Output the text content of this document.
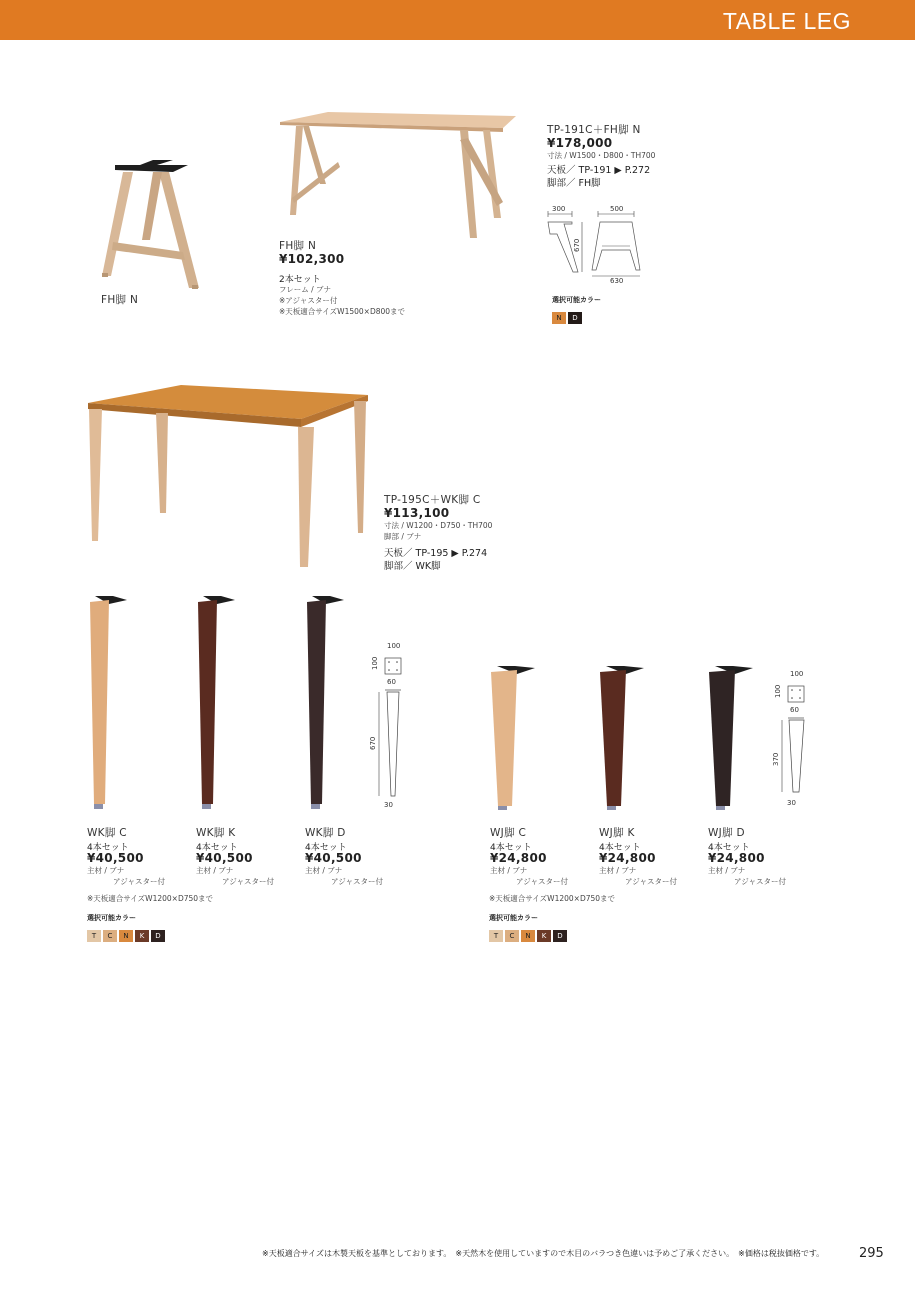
TABLE LEG
FH脚 N
FH脚 N
¥102,300
2本セット
フレーム / ブナ
※アジャスター付
※天板適合サイズW1500×D800まで
TP-191C＋FH脚 N
¥178,000
寸法 / W1500・D800・TH700
天板／ TP-191 ▶ P.272
脚部／ FH脚
300
670
500
630
選択可能カラー
N D
TP-195C＋WK脚 C
¥113,100
寸法 / W1200・D750・TH700
脚部 / ブナ
天板／ TP-195 ▶ P.274
脚部／ WK脚
100
100
60
670
30
WK脚 C
4本セット
¥40,500
主材 / ブナ
アジャスター付
WK脚 K
4本セット
¥40,500
主材 / ブナ
アジャスター付
WK脚 D
4本セット
¥40,500
主材 / ブナ
アジャスター付
※天板適合サイズW1200×D750まで
選択可能カラー
T C N K D
100
100
60
370
30
WJ脚 C
4本セット
¥24,800
主材 / ブナ
アジャスター付
WJ脚 K
4本セット
¥24,800
主材 / ブナ
アジャスター付
WJ脚 D
4本セット
¥24,800
主材 / ブナ
アジャスター付
※天板適合サイズW1200×D750まで
選択可能カラー
T C N K D
※天板適合サイズは木製天板を基準としております。　※天然木を使用していますので木目のバラつき色違いは予めご了承ください。　※価格は税抜価格です。	295
